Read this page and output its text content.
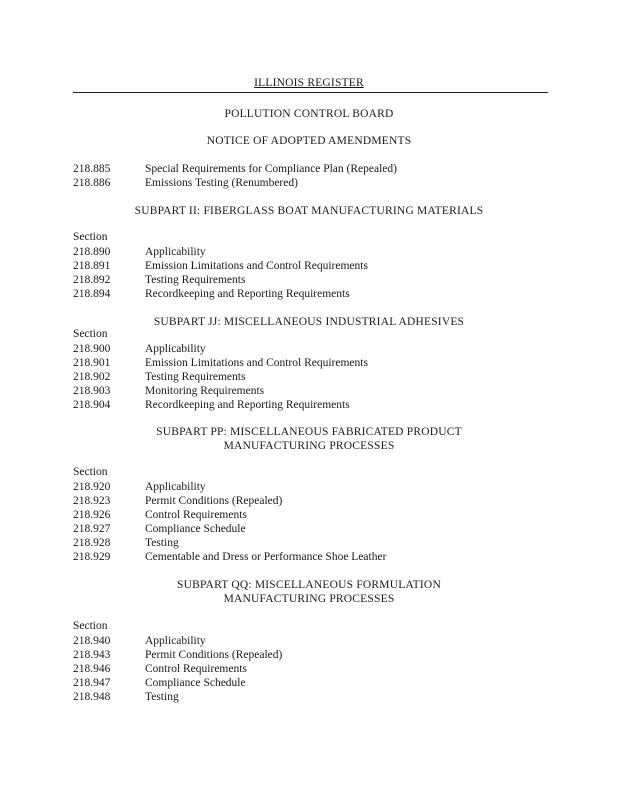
ILLINOIS REGISTER
POLLUTION CONTROL BOARD
NOTICE OF ADOPTED AMENDMENTS
218.885	Special Requirements for Compliance Plan (Repealed)
218.886	Emissions Testing (Renumbered)
SUBPART II: FIBERGLASS BOAT MANUFACTURING MATERIALS
Section
218.890	Applicability
218.891	Emission Limitations and Control Requirements
218.892	Testing Requirements
218.894	Recordkeeping and Reporting Requirements
SUBPART JJ: MISCELLANEOUS INDUSTRIAL ADHESIVES
Section
218.900	Applicability
218.901	Emission Limitations and Control Requirements
218.902	Testing Requirements
218.903	Monitoring Requirements
218.904	Recordkeeping and Reporting Requirements
SUBPART PP: MISCELLANEOUS FABRICATED PRODUCT
MANUFACTURING PROCESSES
Section
218.920	Applicability
218.923	Permit Conditions (Repealed)
218.926	Control Requirements
218.927	Compliance Schedule
218.928	Testing
218.929	Cementable and Dress or Performance Shoe Leather
SUBPART QQ: MISCELLANEOUS FORMULATION
MANUFACTURING PROCESSES
Section
218.940	Applicability
218.943	Permit Conditions (Repealed)
218.946	Control Requirements
218.947	Compliance Schedule
218.948	Testing
